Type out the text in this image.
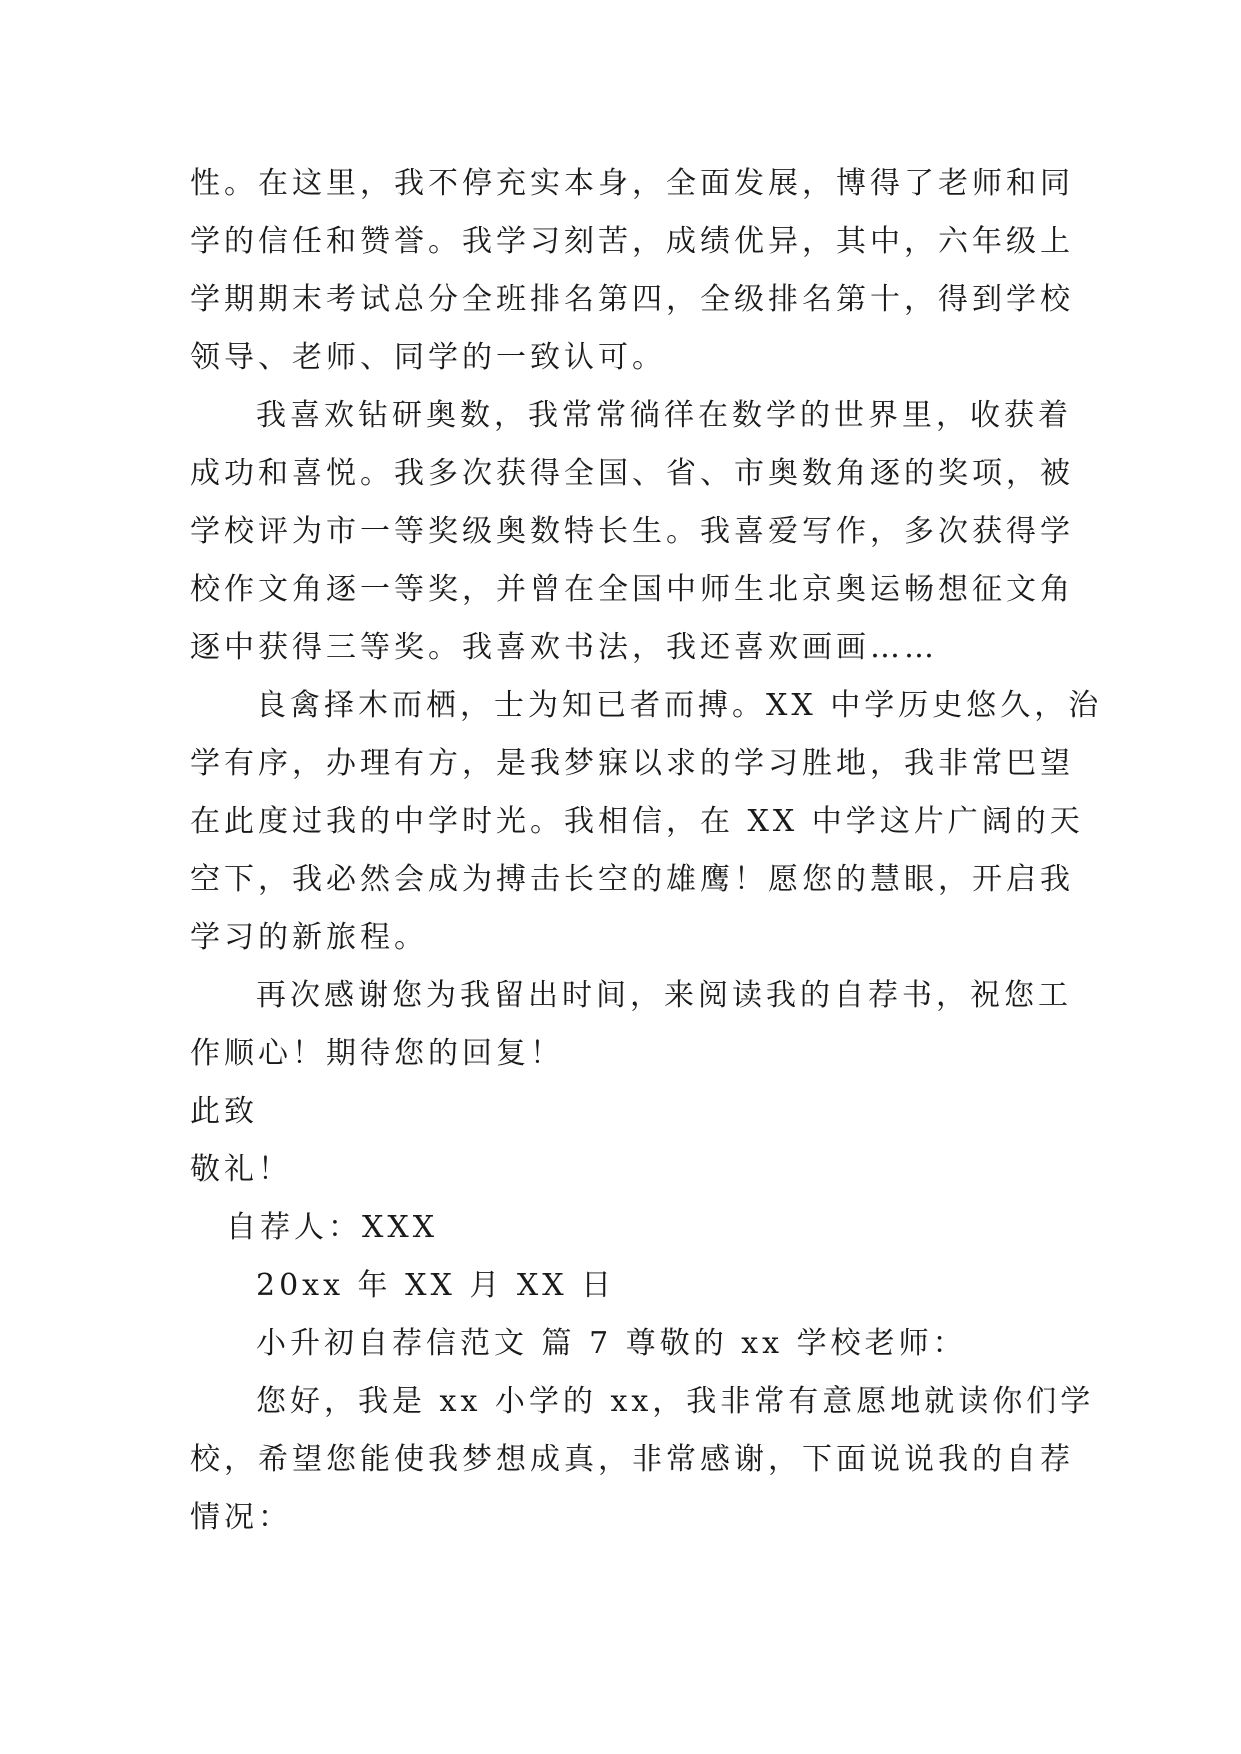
性。在这里，我不停充实本身，全面发展，博得了老师和同
学的信任和赞誉。我学习刻苦，成绩优异，其中，六年级上
学期期末考试总分全班排名第四，全级排名第十，得到学校
领导、老师、同学的一致认可。
我喜欢钻研奥数，我常常徜徉在数学的世界里，收获着
成功和喜悦。我多次获得全国、省、市奥数角逐的奖项，被
学校评为市一等奖级奥数特长生。我喜爱写作，多次获得学
校作文角逐一等奖，并曾在全国中师生北京奥运畅想征文角
逐中获得三等奖。我喜欢书法，我还喜欢画画……
良禽择木而栖，士为知已者而搏。XX 中学历史悠久，治
学有序，办理有方，是我梦寐以求的学习胜地，我非常巴望
在此度过我的中学时光。我相信，在 XX 中学这片广阔的天
空下，我必然会成为搏击长空的雄鹰！愿您的慧眼，开启我
学习的新旅程。
再次感谢您为我留出时间，来阅读我的自荐书，祝您工
作顺心！期待您的回复！
此致
敬礼！
自荐人：XXX
20xx 年 XX 月 XX 日
小升初自荐信范文 篇 7 尊敬的 xx 学校老师：
您好，我是 xx 小学的 xx，我非常有意愿地就读你们学
校，希望您能使我梦想成真，非常感谢，下面说说我的自荐
情况：
